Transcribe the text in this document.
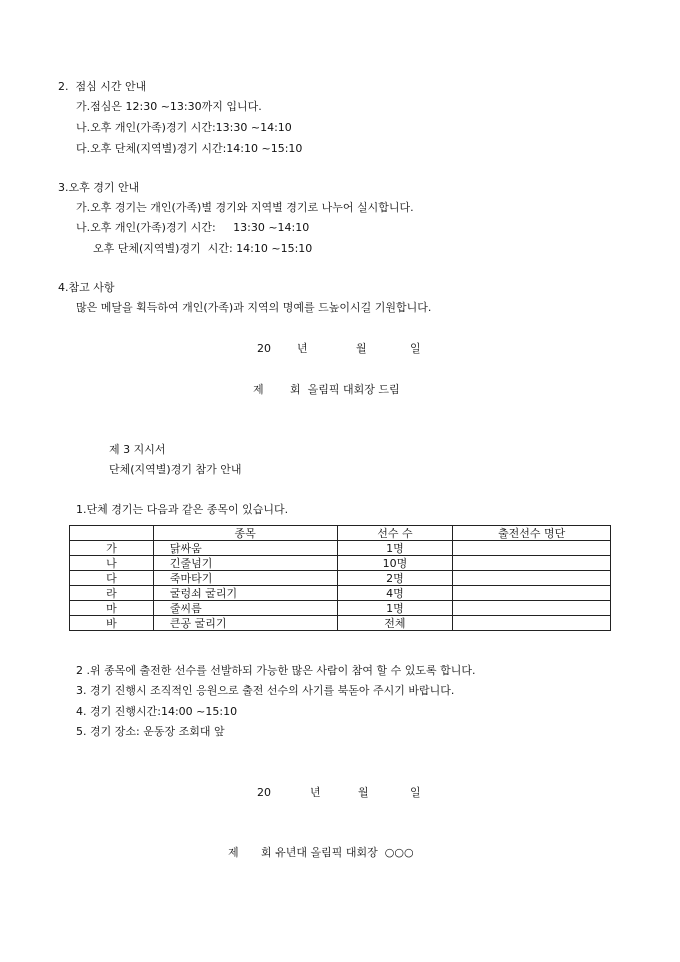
2.  점심 시간 안내
가.점심은 12:30 ~13:30까지 입니다.
나.오후 개인(가족)경기 시간:13:30 ~14:10
다.오후 단체(지역별)경기 시간:14:10 ~15:10
3.오후 경기 안내
가.오후 경기는 개인(가족)별 경기와 지역별 경기로 나누어 실시합니다.
나.오후 개인(가족)경기 시간:     13:30 ~14:10
오후 단체(지역별)경기  시간: 14:10 ~15:10
4.참고 사항
많은 메달을 획득하여 개인(가족)과 지역의 명예를 드높이시길 기원합니다.
20 년	월	일
제 회  올림픽 대회장 드림
제 3 지시서
단체(지역별)경기 참가 안내
1.단체 경기는 다음과 같은 종목이 있습니다.
	종목	선수 수	출전선수 명단
가	닭싸움	1명	
나	긴줄넘기	10명	
다	죽마타기	2명	
라	굴렁쇠 굴리기	4명	
마	줄씨름	1명	
바	큰공 굴리기	전체	
2 .위 종목에 출전한 선수를 선발하되 가능한 많은 사람이 참여 할 수 있도록 합니다.
3. 경기 진행시 조직적인 응원으로 출전 선수의 사기를 북돋아 주시기 바랍니다.
4. 경기 진행시간:14:00 ~15:10
5. 경기 장소: 운동장 조회대 앞
20	년	월	일
제 회 유년대 올림픽 대회장  ○○○
